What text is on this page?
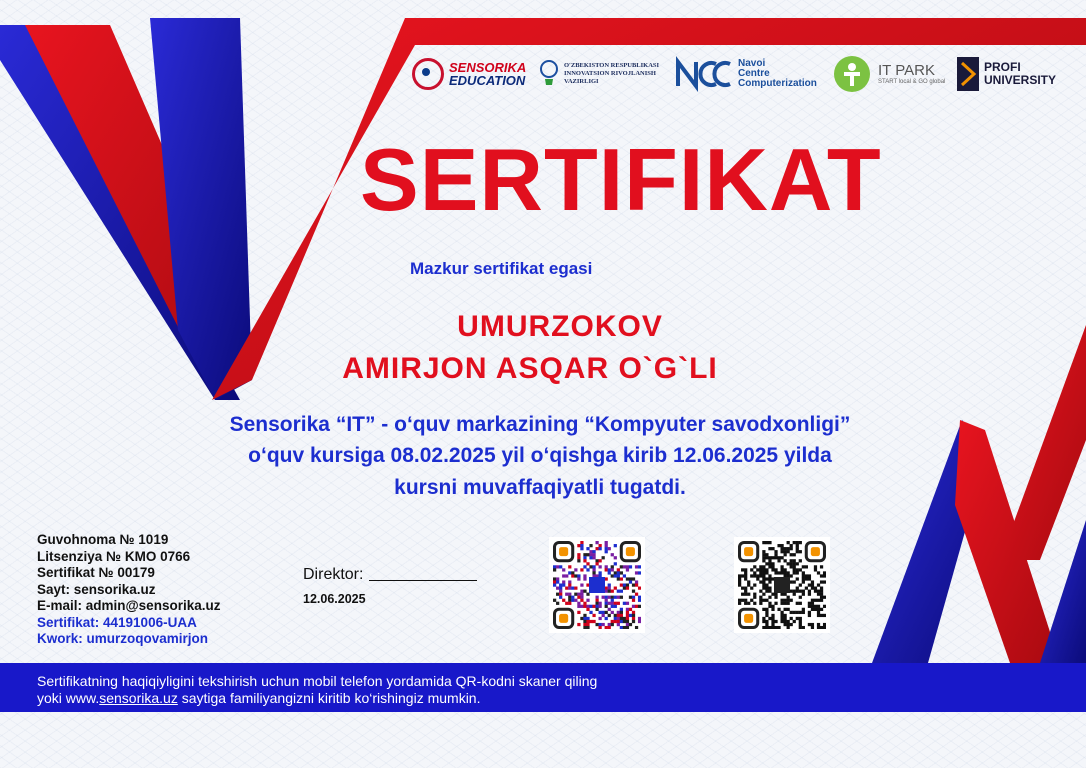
SENSORIKA
EDUCATION
O'ZBEKISTON RESPUBLIKASI
INNOVATSION RIVOJLANISH
VAZIRLIGI
Navoi
Centre
Computerization
IT PARK
START local & GO global
PROFI
UNIVERSITY
SERTIFIKAT
Mazkur sertifikat egasi
UMURZOKOV
AMIRJON ASQAR O`G`LI
Sensorika “IT” - o‘quv markazining “Kompyuter savodxonligi”
o‘quv kursiga 08.02.2025 yil o‘qishga kirib 12.06.2025 yilda
kursni muvaffaqiyatli tugatdi.
Guvohnoma № 1019
Litsenziya № KMO 0766
Sertifikat № 00179
Sayt: sensorika.uz
E-mail: admin@sensorika.uz
Sertifikat: 44191006-UAA
Kwork: umurzoqovamirjon
Direktor:
12.06.2025
Sertifikatning haqiqiyligini tekshirish uchun mobil telefon yordamida QR-kodni skaner qiling
yoki www.sensorika.uz saytiga familiyangizni kiritib ko‘rishingiz mumkin.
